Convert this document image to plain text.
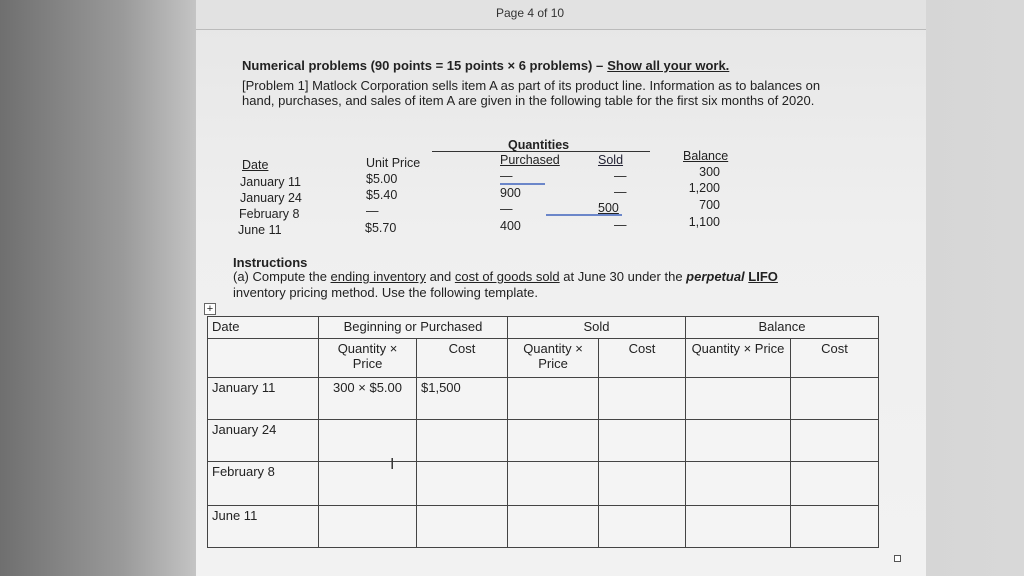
Page 4 of 10
Numerical problems (90 points = 15 points × 6 problems) – Show all your work.
[Problem 1] Matlock Corporation sells item A as part of its product line. Information as to balances on hand, purchases, and sales of item A are given in the following table for the first six months of 2020.
Date	Unit Price
Quantities
Purchased	Sold	Balance
January 11	$5.00	—	—	300
January 24	$5.40	900	—	1,200
February 8	—	—	500	700
June 11	$5.70	400	—	1,100
Instructions
(a) Compute the ending inventory and cost of goods sold at June 30 under the perpetual LIFO
inventory pricing method. Use the following template.
+
Date	Beginning or Purchased		Sold		Balance	
	Quantity × Price	Cost	Quantity × Price	Cost	Quantity × Price	Cost
January 11	300 × $5.00	$1,500				
January 24						
February 8						
June 11						
I
